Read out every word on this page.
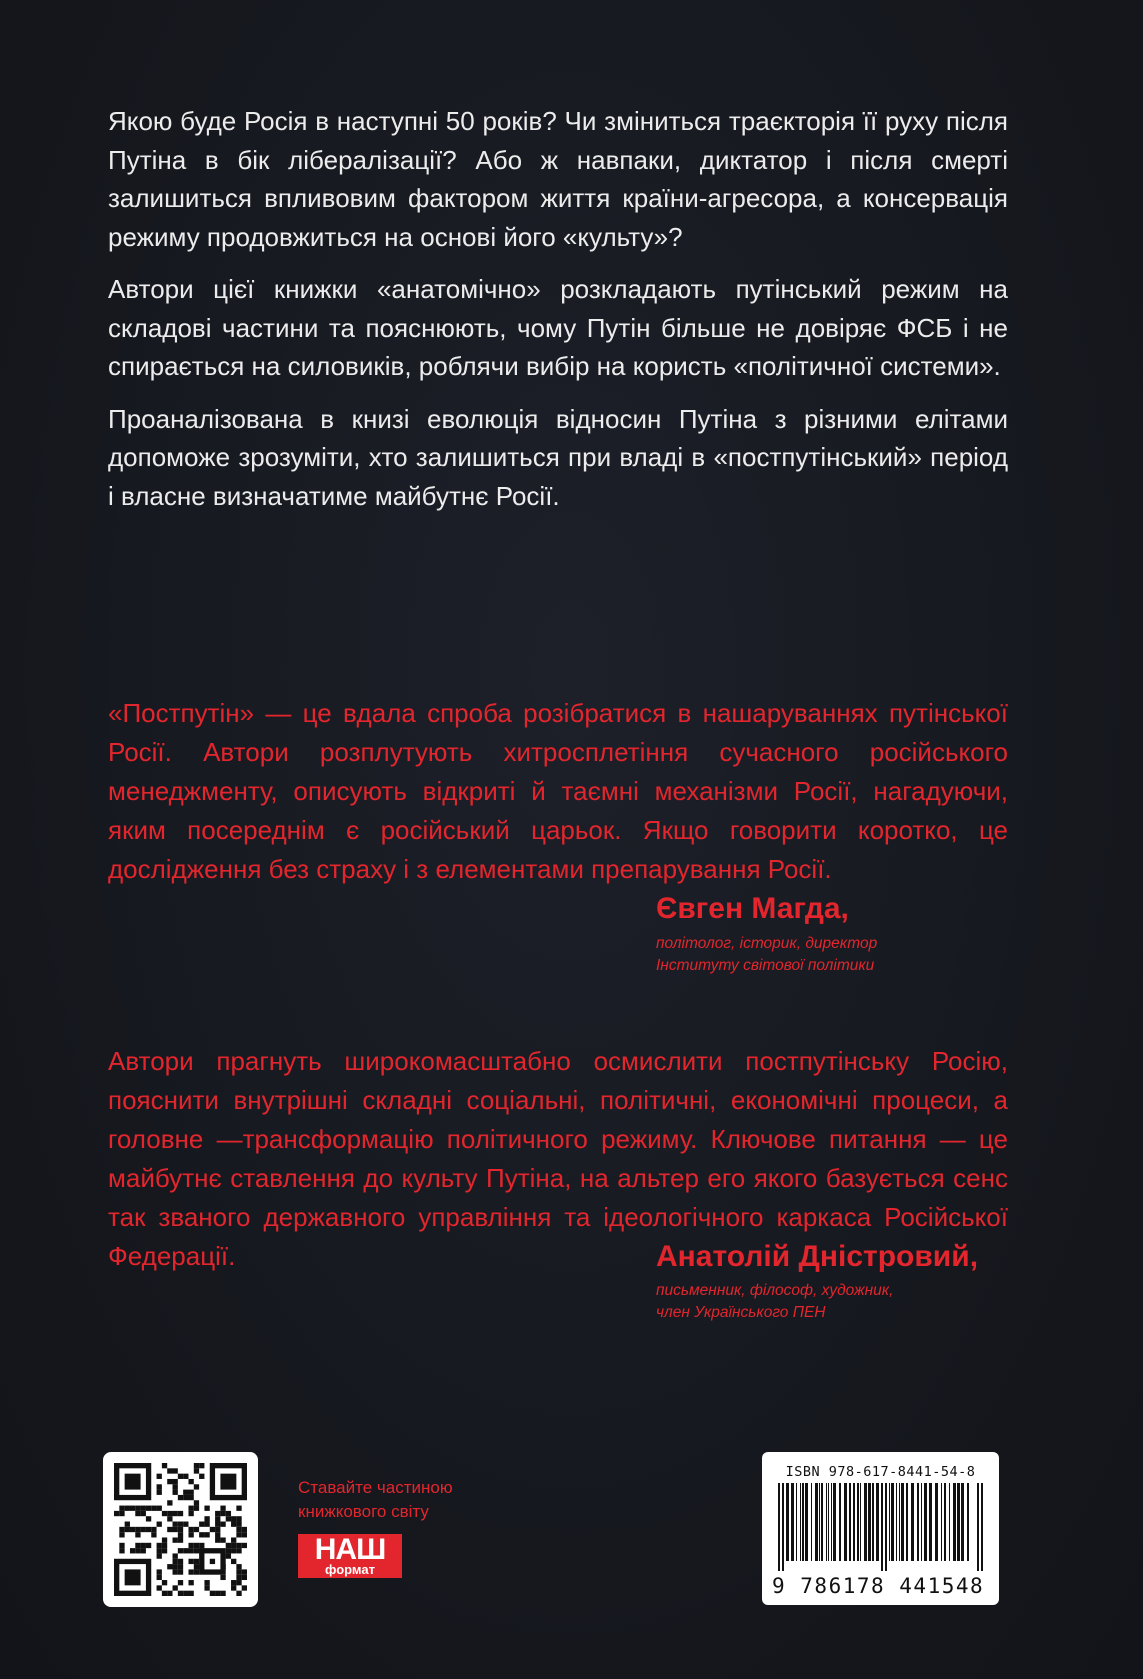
Якою буде Росія в наступні 50 років? Чи зміниться траєкторія її руху після Путіна в бік лібералізації? Або ж навпаки, диктатор і після смерті залишиться впливовим фактором життя країни-агресора, а консервація режиму продовжиться на основі його «культу»?

Автори цієї книжки «анатомічно» розкладають путінський режим на складові частини та пояснюють, чому Путін більше не довіряє ФСБ і не спирається на силовиків, роблячи вибір на користь «політичної системи».

Проаналізована в книзі еволюція відносин Путіна з різними елітами допоможе зрозуміти, хто залишиться при владі в «постпутінський» період і власне визначатиме майбутнє Росії.

«Постпутін» — це вдала спроба розібратися в нашаруваннях путінської Росії. Автори розплутують хитросплетіння сучасного російського менеджменту, описують відкриті й таємні механізми Росії, нагадуючи, яким посереднім є російський царьок. Якщо говорити коротко, це дослідження без страху і з елементами препарування Росії.

Євген Магда,
політолог, історик, директор
Інституту світової політики

Автори прагнуть широкомасштабно осмислити постпутінську Росію, пояснити внутрішні складні соціальні, політичні, економічні процеси, а головне —трансформацію політичного режиму. Ключове питання — це майбутнє ставлення до культу Путіна, на альтер его якого базується сенс так званого державного управління та ідеологічного каркаса Російської Федерації.	Анатолій Дністровий,
письменник, філософ, художник,
член Українського ПЕН
Ставайте частиною
книжкового світу
НАШ
формат
ISBN 978-617-8441-54-8
9 786178 441548
